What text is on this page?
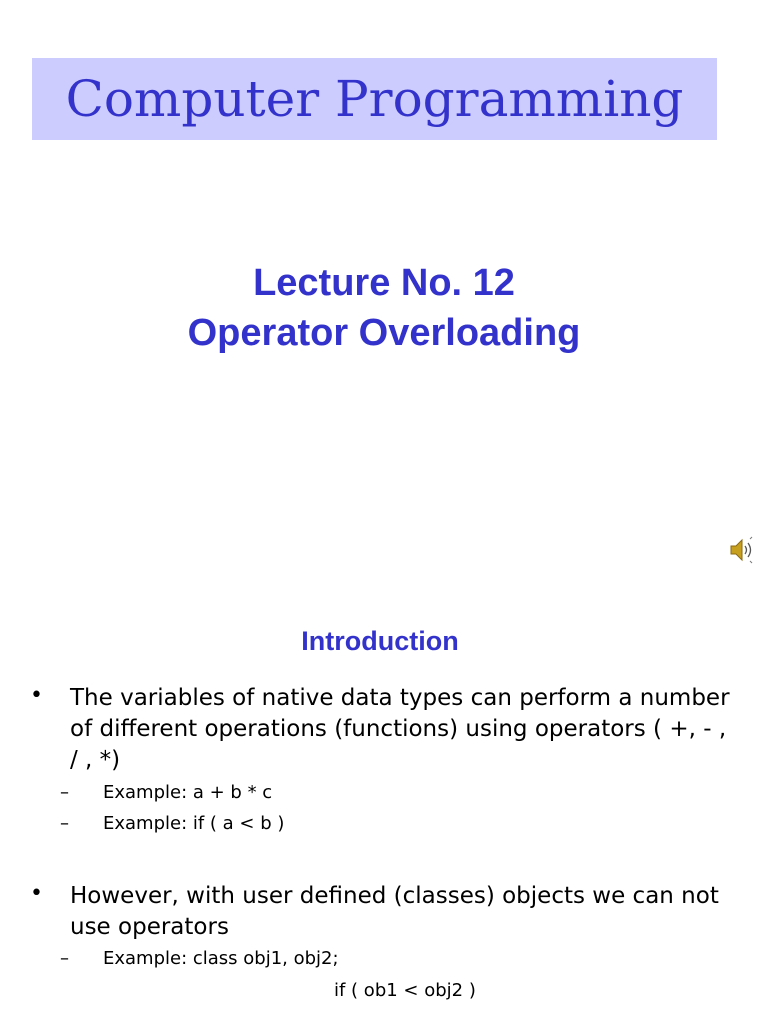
Computer Programming
Lecture No. 12
Operator Overloading
Introduction
• The variables of native data types can perform a number of different operations (functions) using operators ( +, - , / , *)
– Example: a + b * c
– Example: if ( a < b )
• However, with user defined (classes) objects we can not use operators
– Example: class obj1, obj2;
if ( ob1 < obj2 )
